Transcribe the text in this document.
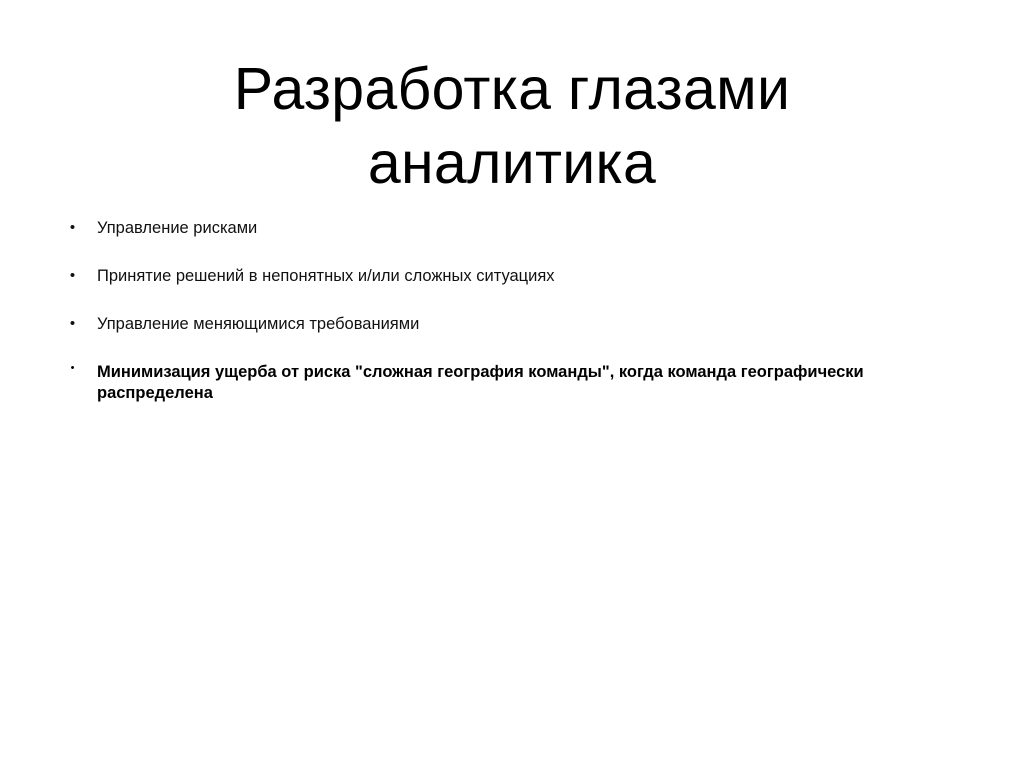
Разработка глазами аналитика
• Управление рисками
• Принятие решений в непонятных и/или сложных ситуациях
• Управление меняющимися требованиями
• Минимизация ущерба от риска "сложная география команды", когда команда географически распределена
